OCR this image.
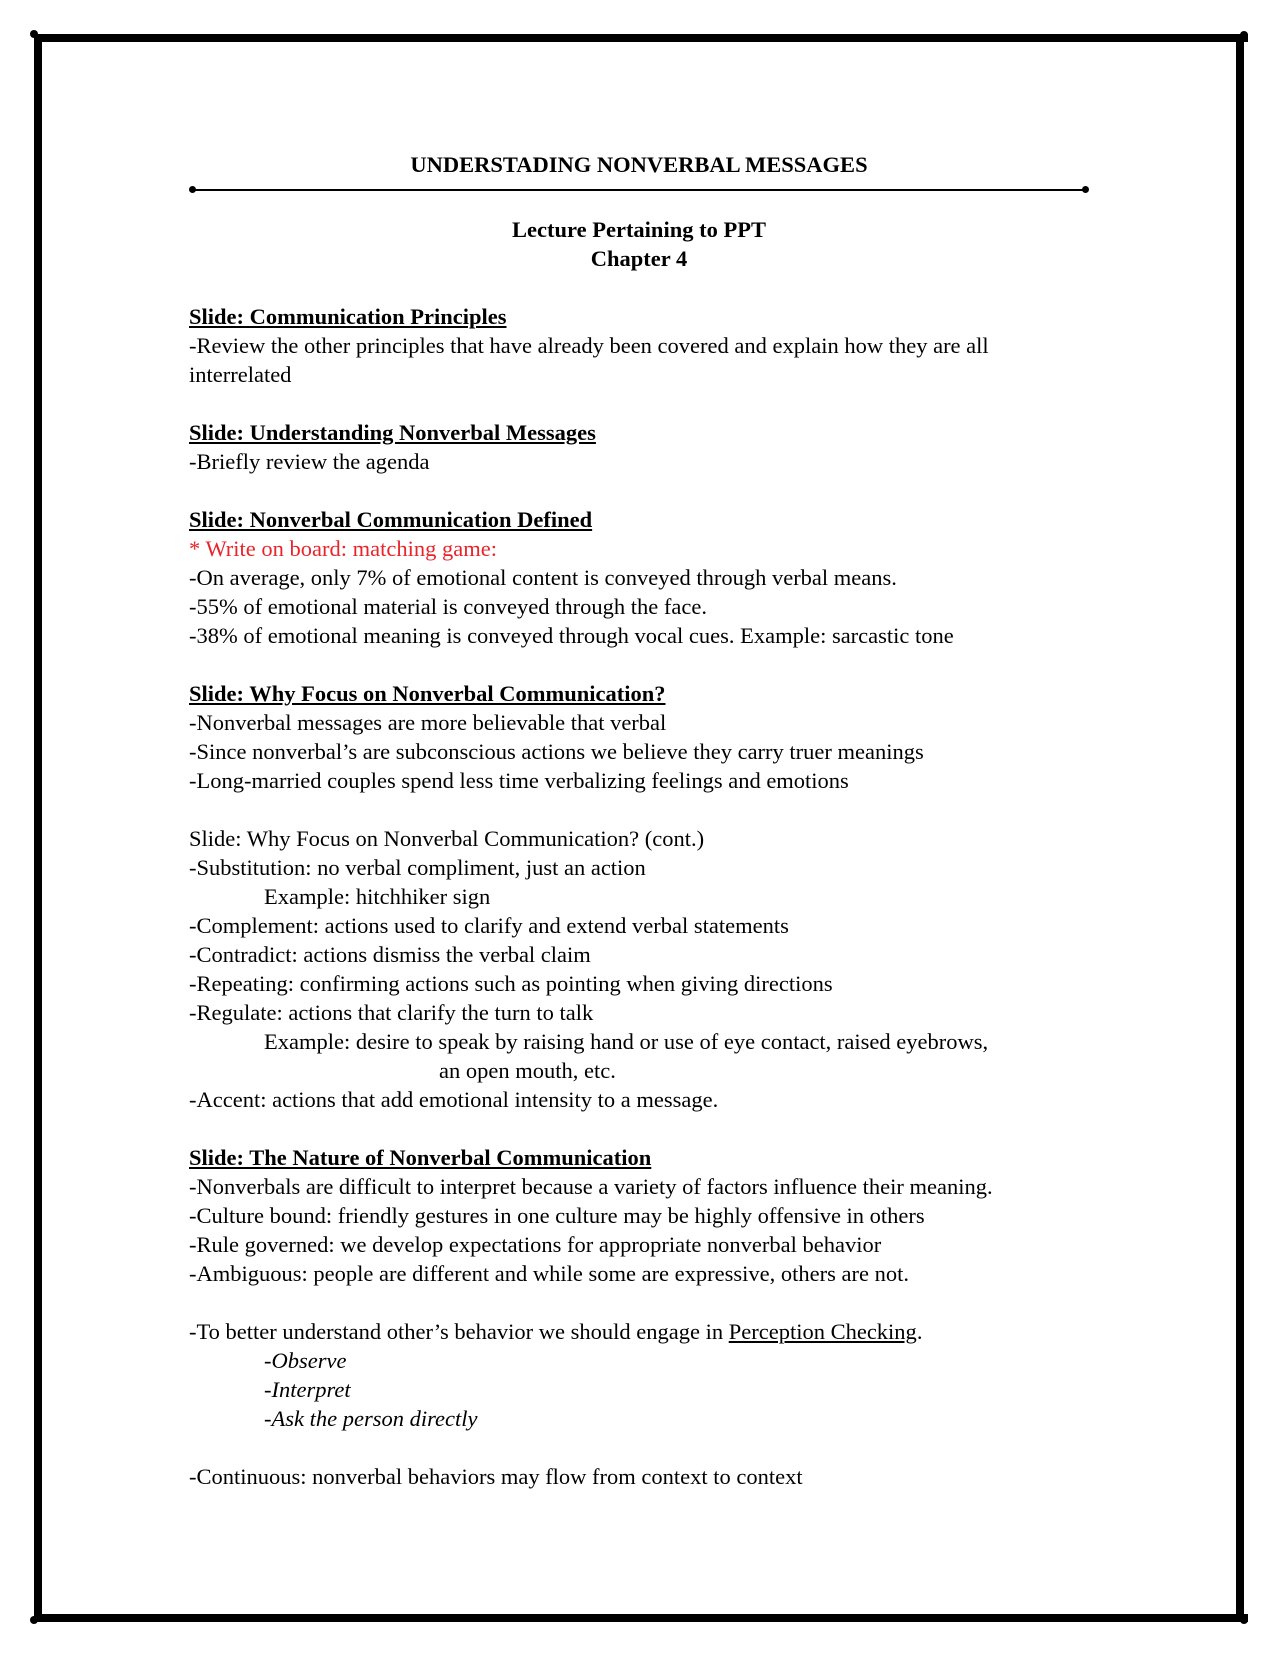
UNDERSTADING NONVERBAL MESSAGES

Lecture Pertaining to PPT

Chapter 4

Slide: Communication Principles

-Review the other principles that have already been covered and explain how they are all

interrelated

Slide: Understanding Nonverbal Messages

-Briefly review the agenda

Slide: Nonverbal Communication Defined

* Write on board: matching game:

-On average, only 7% of emotional content is conveyed through verbal means.

-55% of emotional material is conveyed through the face.

-38% of emotional meaning is conveyed through vocal cues. Example: sarcastic tone

Slide: Why Focus on Nonverbal Communication?

-Nonverbal messages are more believable that verbal

-Since nonverbal’s are subconscious actions we believe they carry truer meanings

-Long-married couples spend less time verbalizing feelings and emotions

Slide: Why Focus on Nonverbal Communication? (cont.)

-Substitution: no verbal compliment, just an action

Example: hitchhiker sign

-Complement: actions used to clarify and extend verbal statements

-Contradict: actions dismiss the verbal claim

-Repeating: confirming actions such as pointing when giving directions

-Regulate: actions that clarify the turn to talk

Example: desire to speak by raising hand or use of eye contact, raised eyebrows,

an open mouth, etc.

-Accent: actions that add emotional intensity to a message.

Slide: The Nature of Nonverbal Communication

-Nonverbals are difficult to interpret because a variety of factors influence their meaning.

-Culture bound: friendly gestures in one culture may be highly offensive in others

-Rule governed: we develop expectations for appropriate nonverbal behavior

-Ambiguous: people are different and while some are expressive, others are not.

-To better understand other’s behavior we should engage in Perception Checking.

-Observe

-Interpret

-Ask the person directly

-Continuous: nonverbal behaviors may flow from context to context
